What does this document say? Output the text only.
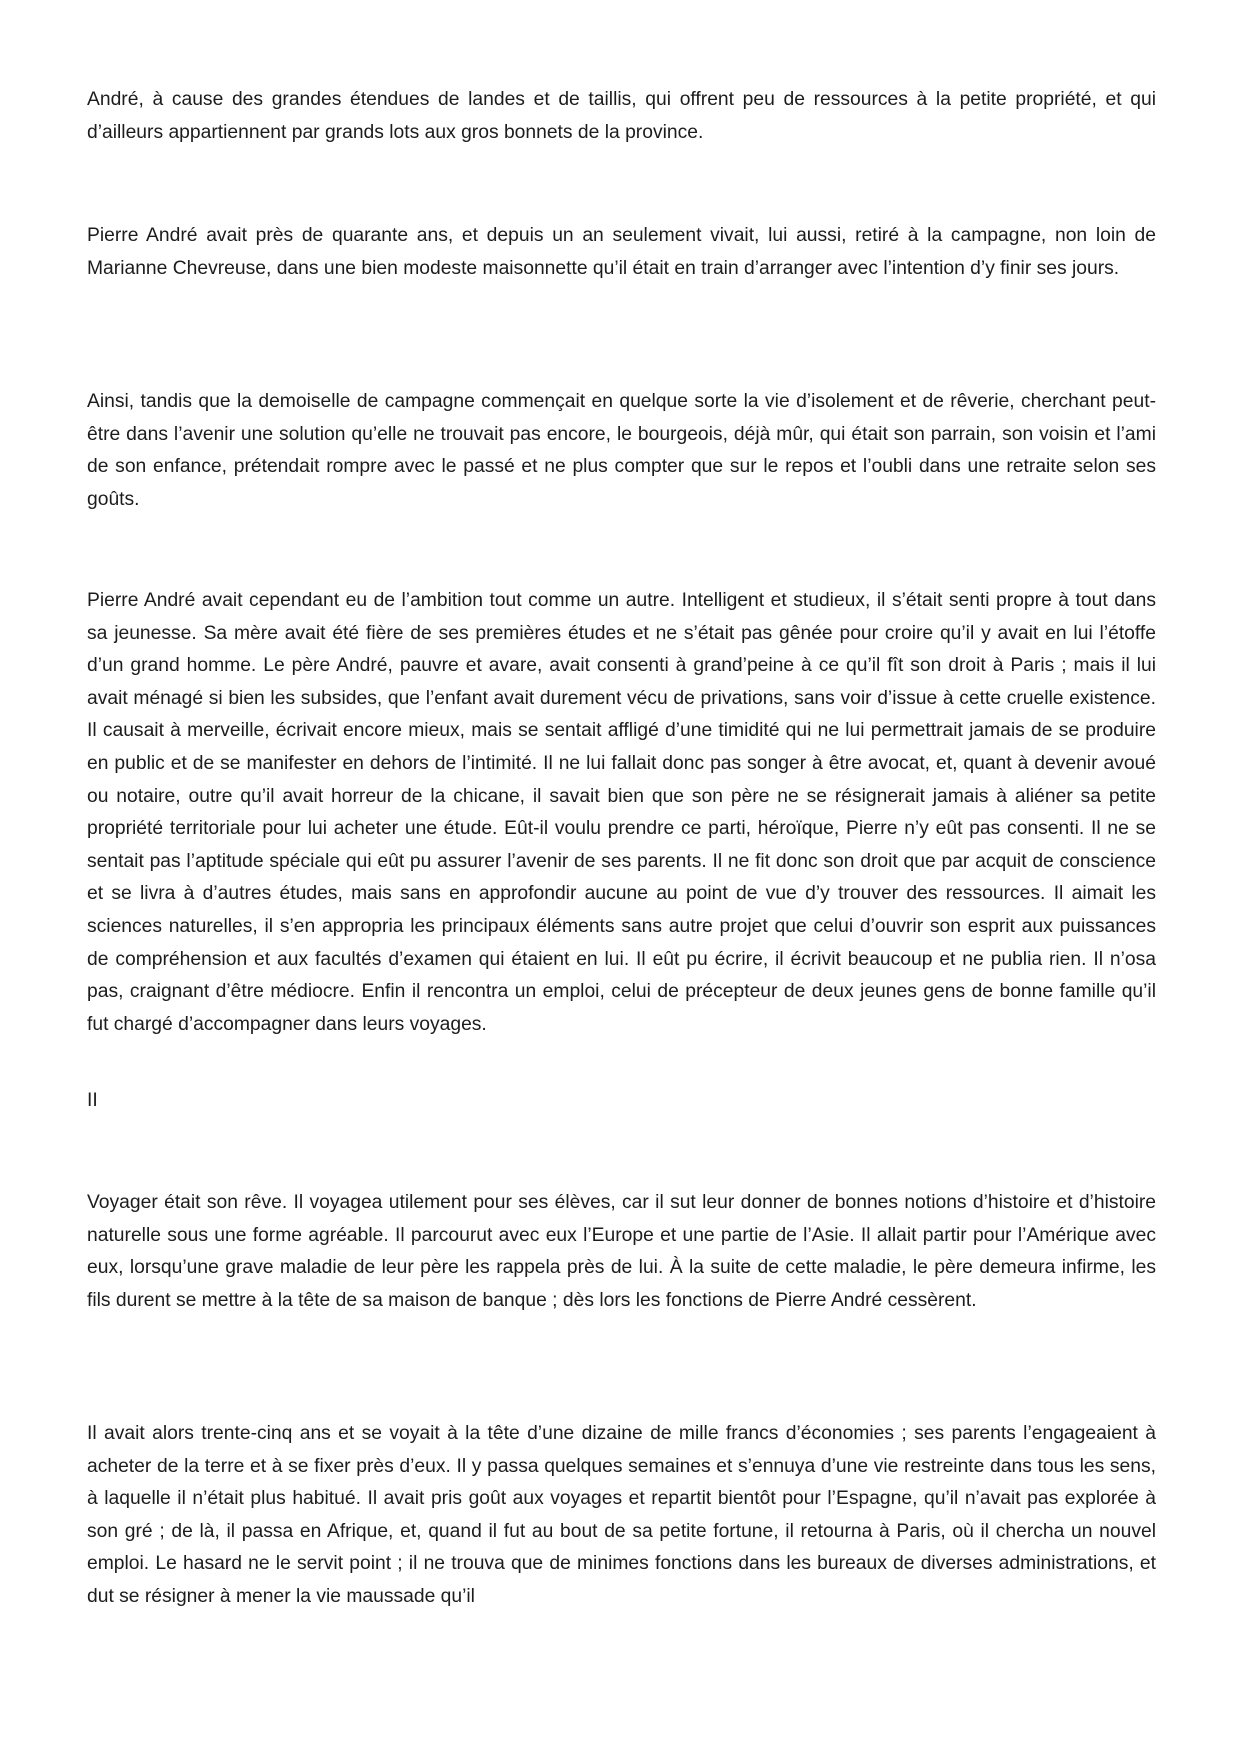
André, à cause des grandes étendues de landes et de taillis, qui offrent peu de ressources à la petite propriété, et qui d’ailleurs appartiennent par grands lots aux gros bonnets de la province.

Pierre André avait près de quarante ans, et depuis un an seulement vivait, lui aussi, retiré à la campagne, non loin de Marianne Chevreuse, dans une bien modeste maisonnette qu’il était en train d’arranger avec l’intention d’y finir ses jours.

Ainsi, tandis que la demoiselle de campagne commençait en quelque sorte la vie d’isolement et de rêverie, cherchant peut-être dans l’avenir une solution qu’elle ne trouvait pas encore, le bourgeois, déjà mûr, qui était son parrain, son voisin et l’ami de son enfance, prétendait rompre avec le passé et ne plus compter que sur le repos et l’oubli dans une retraite selon ses goûts.

Pierre André avait cependant eu de l’ambition tout comme un autre. Intelligent et studieux, il s’était senti propre à tout dans sa jeunesse. Sa mère avait été fière de ses premières études et ne s’était pas gênée pour croire qu’il y avait en lui l’étoffe d’un grand homme. Le père André, pauvre et avare, avait consenti à grand’peine à ce qu’il fît son droit à Paris ; mais il lui avait ménagé si bien les subsides, que l’enfant avait durement vécu de privations, sans voir d’issue à cette cruelle existence. Il causait à merveille, écrivait encore mieux, mais se sentait affligé d’une timidité qui ne lui permettrait jamais de se produire en public et de se manifester en dehors de l’intimité. Il ne lui fallait donc pas songer à être avocat, et, quant à devenir avoué ou notaire, outre qu’il avait horreur de la chicane, il savait bien que son père ne se résignerait jamais à aliéner sa petite propriété territoriale pour lui acheter une étude. Eût-il voulu prendre ce parti, héroïque, Pierre n’y eût pas consenti. Il ne se sentait pas l’aptitude spéciale qui eût pu assurer l’avenir de ses parents. Il ne fit donc son droit que par acquit de conscience et se livra à d’autres études, mais sans en approfondir aucune au point de vue d’y trouver des ressources. Il aimait les sciences naturelles, il s’en appropria les principaux éléments sans autre projet que celui d’ouvrir son esprit aux puissances de compréhension et aux facultés d’examen qui étaient en lui. Il eût pu écrire, il écrivit beaucoup et ne publia rien. Il n’osa pas, craignant d’être médiocre. Enfin il rencontra un emploi, celui de précepteur de deux jeunes gens de bonne famille qu’il fut chargé d’accompagner dans leurs voyages.

II

Voyager était son rêve. Il voyagea utilement pour ses élèves, car il sut leur donner de bonnes notions d’histoire et d’histoire naturelle sous une forme agréable. Il parcourut avec eux l’Europe et une partie de l’Asie. Il allait partir pour l’Amérique avec eux, lorsqu’une grave maladie de leur père les rappela près de lui. À la suite de cette maladie, le père demeura infirme, les fils durent se mettre à la tête de sa maison de banque ; dès lors les fonctions de Pierre André cessèrent.

Il avait alors trente-cinq ans et se voyait à la tête d’une dizaine de mille francs d’économies ; ses parents l’engageaient à acheter de la terre et à se fixer près d’eux. Il y passa quelques semaines et s’ennuya d’une vie restreinte dans tous les sens, à laquelle il n’était plus habitué. Il avait pris goût aux voyages et repartit bientôt pour l’Espagne, qu’il n’avait pas explorée à son gré ; de là, il passa en Afrique, et, quand il fut au bout de sa petite fortune, il retourna à Paris, où il chercha un nouvel emploi. Le hasard ne le servit point ; il ne trouva que de minimes fonctions dans les bureaux de diverses administrations, et dut se résigner à mener la vie maussade qu’il
